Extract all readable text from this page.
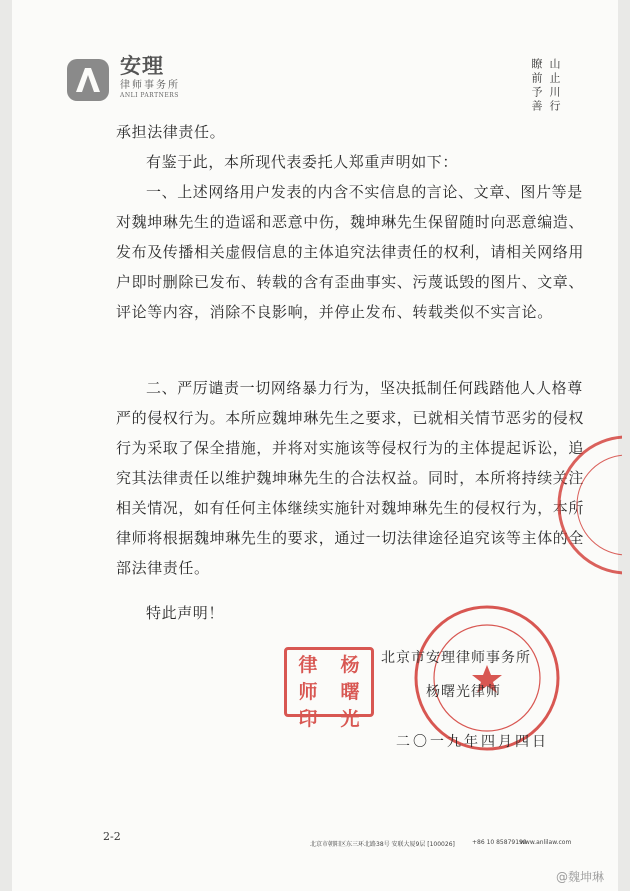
安理
律师事务所
ANLI PARTNERS	山止川行
瞭前予善

承担法律责任。

有鉴于此，本所现代表委托人郑重声明如下：

一、上述网络用户发表的内含不实信息的言论、文章、图片等是对魏坤琳先生的造谣和恶意中伤，魏坤琳先生保留随时向恶意编造、发布及传播相关虚假信息的主体追究法律责任的权利，请相关网络用户即时删除已发布、转载的含有歪曲事实、污蔑诋毁的图片、文章、评论等内容，消除不良影响，并停止发布、转载类似不实言论。

二、严厉谴责一切网络暴力行为，坚决抵制任何践踏他人人格尊严的侵权行为。本所应魏坤琳先生之要求，已就相关情节恶劣的侵权行为采取了保全措施，并将对实施该等侵权行为的主体提起诉讼，追究其法律责任以维护魏坤琳先生的合法权益。同时，本所将持续关注相关情况，如有任何主体继续实施针对魏坤琳先生的侵权行为，本所律师将根据魏坤琳先生的要求，通过一切法律途径追究该等主体的全部法律责任。

特此声明！

律 杨
师 曙
印 光
北京市安理律师事务所
杨曙光律师
二〇一九年四月四日
2-2
北京市朝阳区东三环北路38号 安联大厦9层 [100026]	+86 10 85879199
www.anlilaw.com
@魏坤琳
